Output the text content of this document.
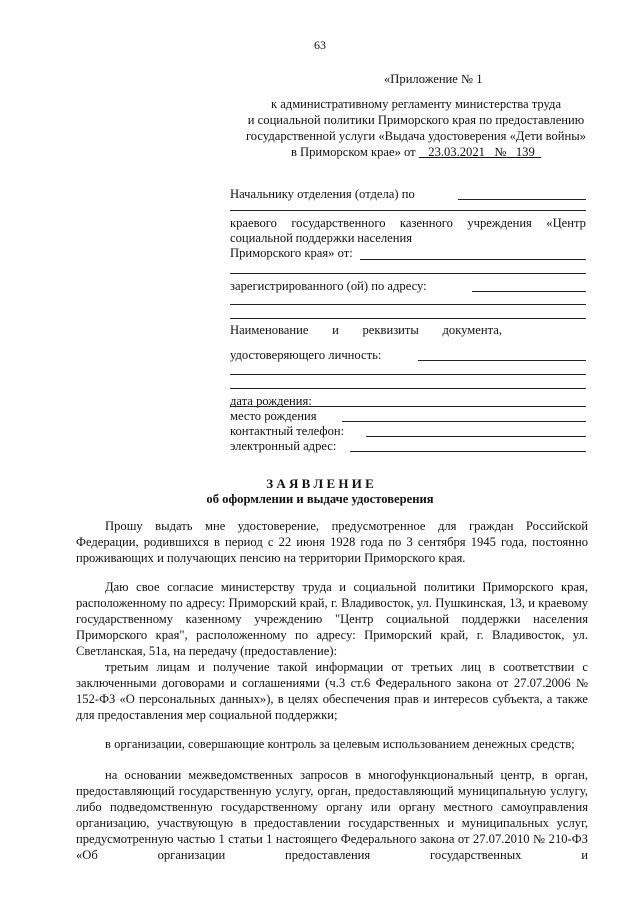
63
«Приложение № 1
к административному регламенту министерства труда
и социальной политики Приморского края по предоставлению
государственной услуги «Выдача удостоверения «Дети войны»
в Приморском крае» от 23.03.2021 № 139
Начальнику отделения (отдела) по
краевого государственного казенного учреждения «Центр
социальной поддержки населения
Приморского края» от:
зарегистрированного (ой) по адресу:
Наименование и реквизиты документа,
удостоверяющего личность:
дата рождения:
место рождения
контактный телефон:
электронный адрес:
З А Я В Л Е Н И Е
об оформлении и выдаче удостоверения
Прошу выдать мне удостоверение, предусмотренное для граждан Российской Федерации, родившихся в период с 22 июня 1928 года по 3 сентября 1945 года, постоянно проживающих и получающих пенсию на территории Приморского края.
Даю свое согласие министерству труда и социальной политики Приморского края, расположенному по адресу: Приморский край, г. Владивосток, ул. Пушкинская, 13, и краевому государственному казенному учреждению "Центр социальной поддержки населения Приморского края", расположенному по адресу: Приморский край, г. Владивосток, ул. Светланская, 51а, на передачу (предоставление):
третьим лицам и получение такой информации от третьих лиц в соответствии с заключенными договорами и соглашениями (ч.3 ст.6 Федерального закона от 27.07.2006 № 152-ФЗ «О персональных данных»), в целях обеспечения прав и интересов субъекта, а также для предоставления мер социальной поддержки;
в организации, совершающие контроль за целевым использованием денежных средств;
на основании межведомственных запросов в многофункциональный центр, в орган, предоставляющий государственную услугу, орган, предоставляющий муниципальную услугу, либо подведомственную государственному органу или органу местного самоуправления организацию, участвующую в предоставлении государственных и муниципальных услуг, предусмотренную частью 1 статьи 1 настоящего Федерального закона от 27.07.2010 № 210-ФЗ «Об организации предоставления государственных и
